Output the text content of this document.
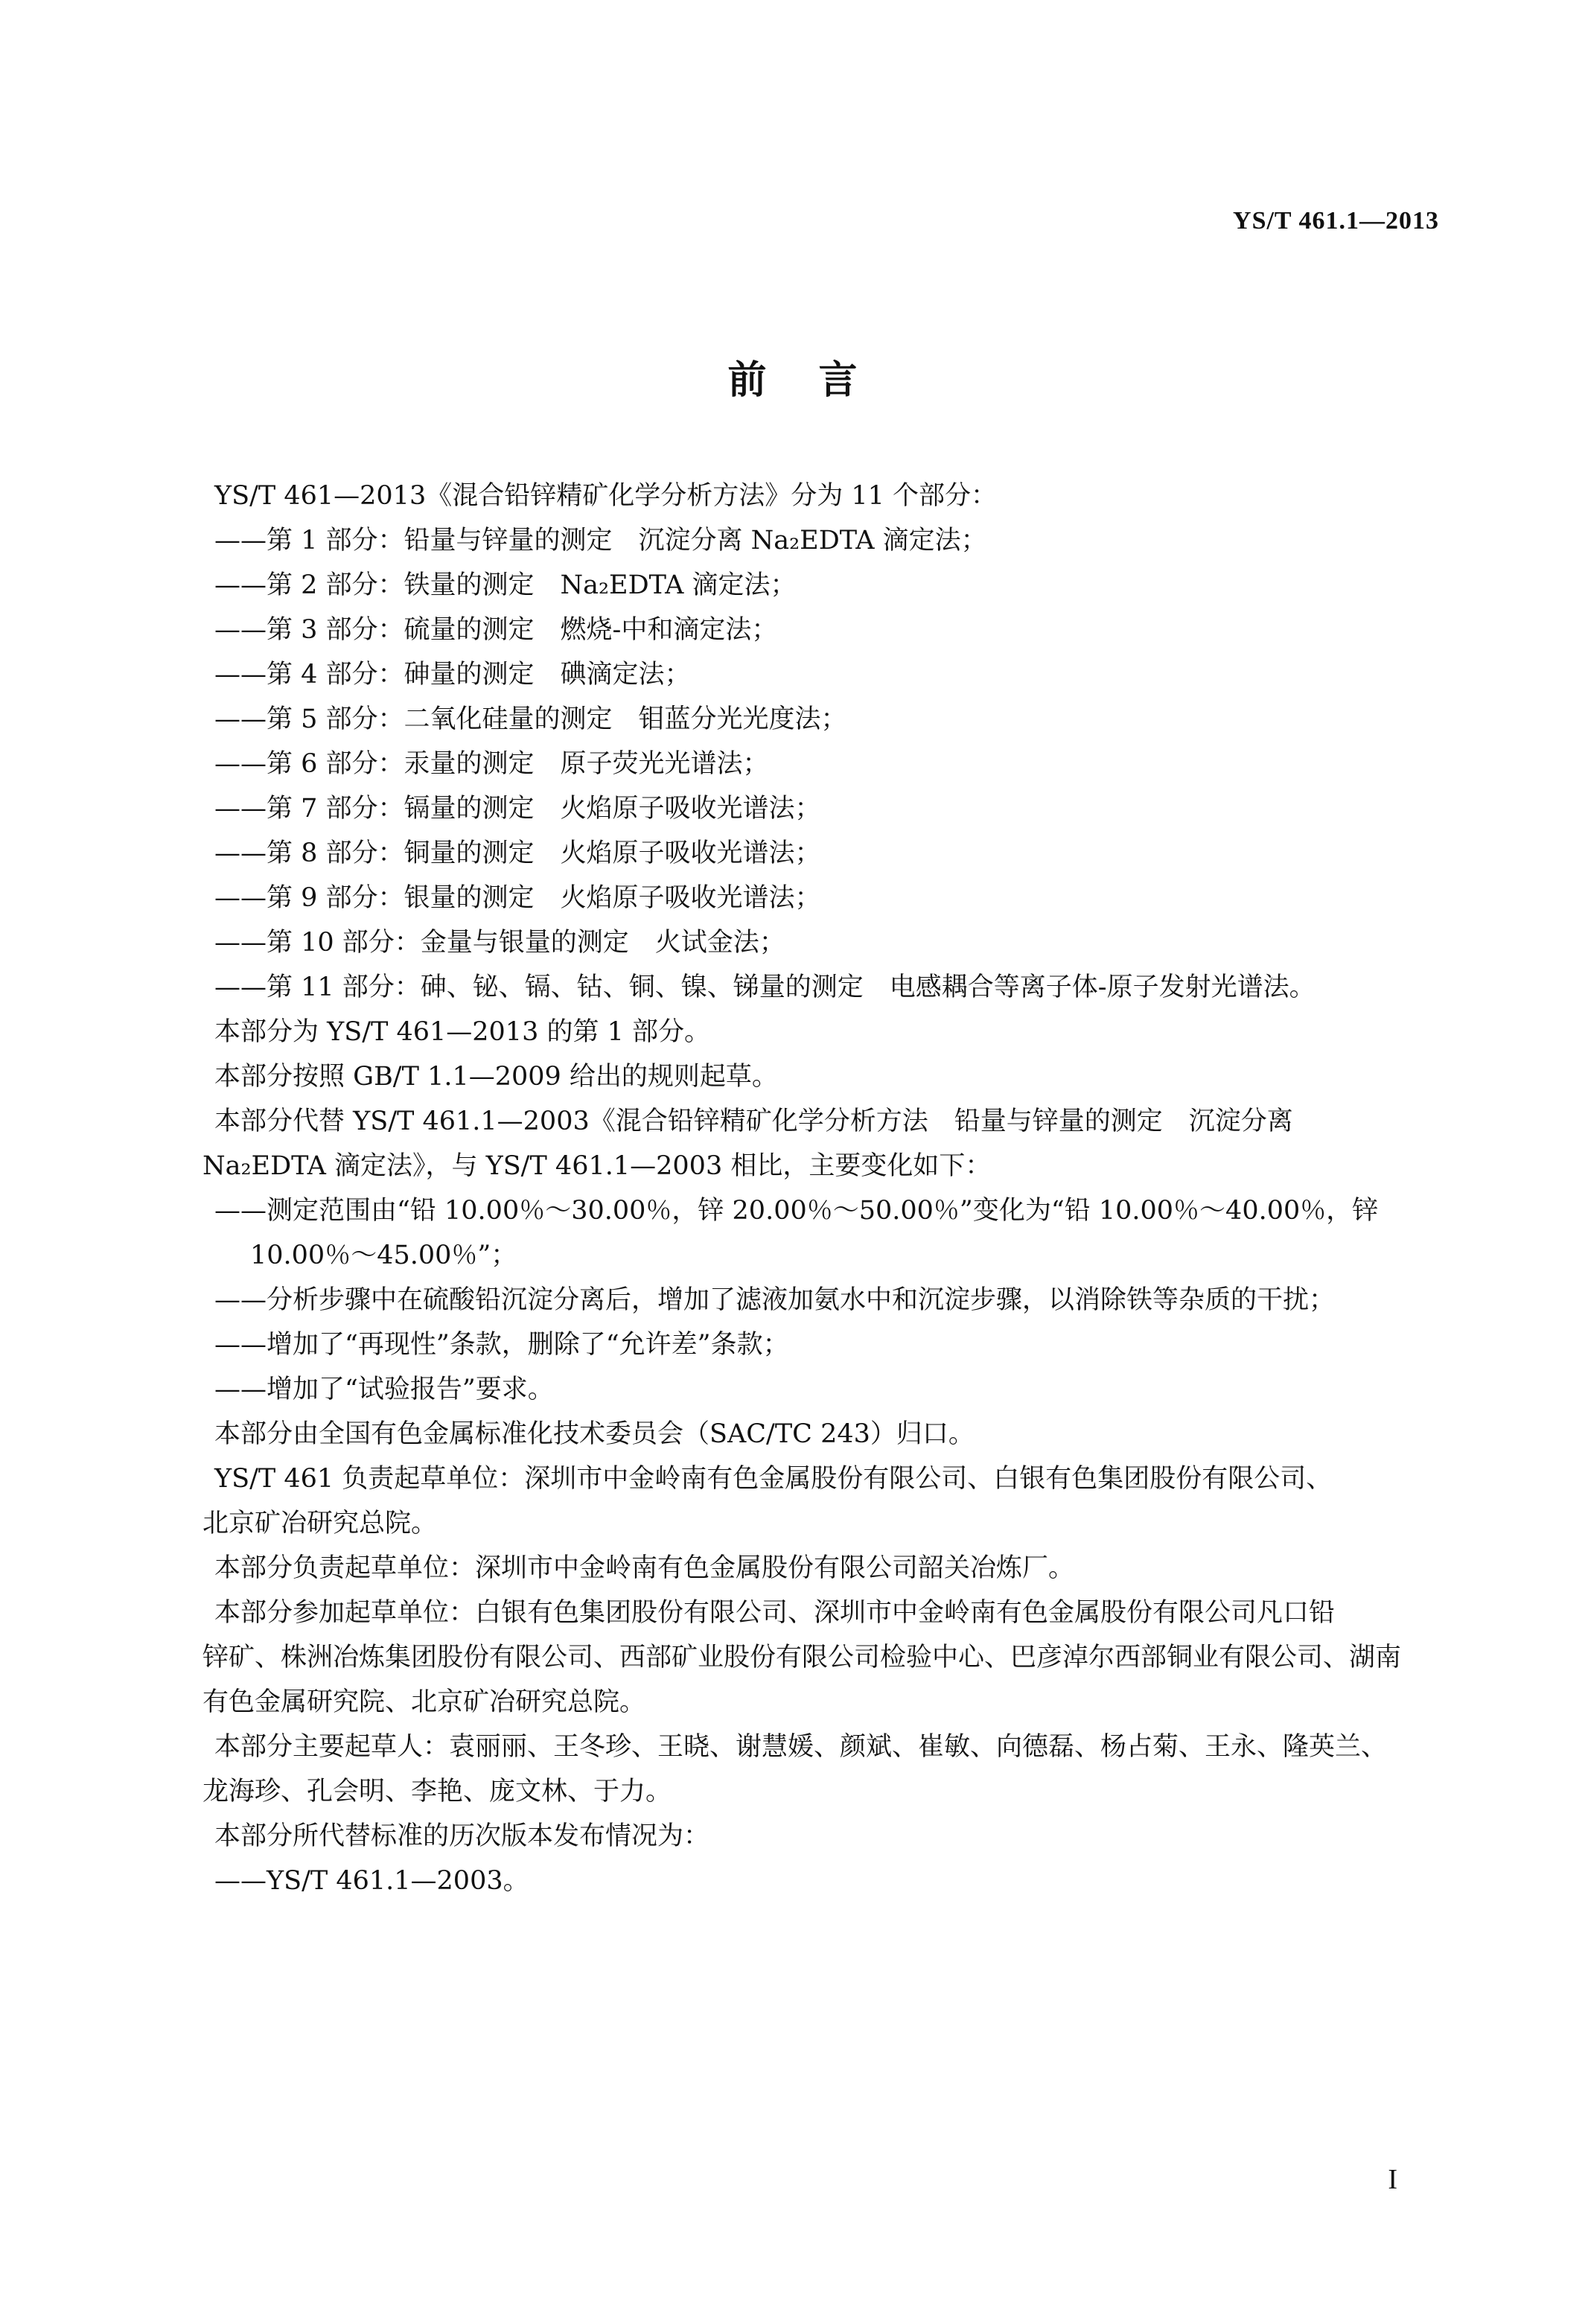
YS/T 461.1—2013
前言

YS/T 461—2013《混合铅锌精矿化学分析方法》分为 11 个部分：

——第 1 部分：铅量与锌量的测定　沉淀分离 Na₂EDTA 滴定法；

——第 2 部分：铁量的测定　Na₂EDTA 滴定法；

——第 3 部分：硫量的测定　燃烧-中和滴定法；

——第 4 部分：砷量的测定　碘滴定法；

——第 5 部分：二氧化硅量的测定　钼蓝分光光度法；

——第 6 部分：汞量的测定　原子荧光光谱法；

——第 7 部分：镉量的测定　火焰原子吸收光谱法；

——第 8 部分：铜量的测定　火焰原子吸收光谱法；

——第 9 部分：银量的测定　火焰原子吸收光谱法；

——第 10 部分：金量与银量的测定　火试金法；

——第 11 部分：砷、铋、镉、钴、铜、镍、锑量的测定　电感耦合等离子体-原子发射光谱法。

本部分为 YS/T 461—2013 的第 1 部分。

本部分按照 GB/T 1.1—2009 给出的规则起草。

本部分代替 YS/T 461.1—2003《混合铅锌精矿化学分析方法　铅量与锌量的测定　沉淀分离

Na₂EDTA 滴定法》，与 YS/T 461.1—2003 相比，主要变化如下：

——测定范围由“铅 10.00％～30.00％，锌 20.00％～50.00％”变化为“铅 10.00％～40.00％，锌

10.00％～45.00％”；

——分析步骤中在硫酸铅沉淀分离后，增加了滤液加氨水中和沉淀步骤，以消除铁等杂质的干扰；

——增加了“再现性”条款，删除了“允许差”条款；

——增加了“试验报告”要求。

本部分由全国有色金属标准化技术委员会（SAC/TC 243）归口。

YS/T 461 负责起草单位：深圳市中金岭南有色金属股份有限公司、白银有色集团股份有限公司、

北京矿冶研究总院。

本部分负责起草单位：深圳市中金岭南有色金属股份有限公司韶关冶炼厂。

本部分参加起草单位：白银有色集团股份有限公司、深圳市中金岭南有色金属股份有限公司凡口铅

锌矿、株洲冶炼集团股份有限公司、西部矿业股份有限公司检验中心、巴彦淖尔西部铜业有限公司、湖南

有色金属研究院、北京矿冶研究总院。

本部分主要起草人：袁丽丽、王冬珍、王晓、谢慧媛、颜斌、崔敏、向德磊、杨占菊、王永、隆英兰、

龙海珍、孔会明、李艳、庞文林、于力。

本部分所代替标准的历次版本发布情况为：

——YS/T 461.1—2003。

I
